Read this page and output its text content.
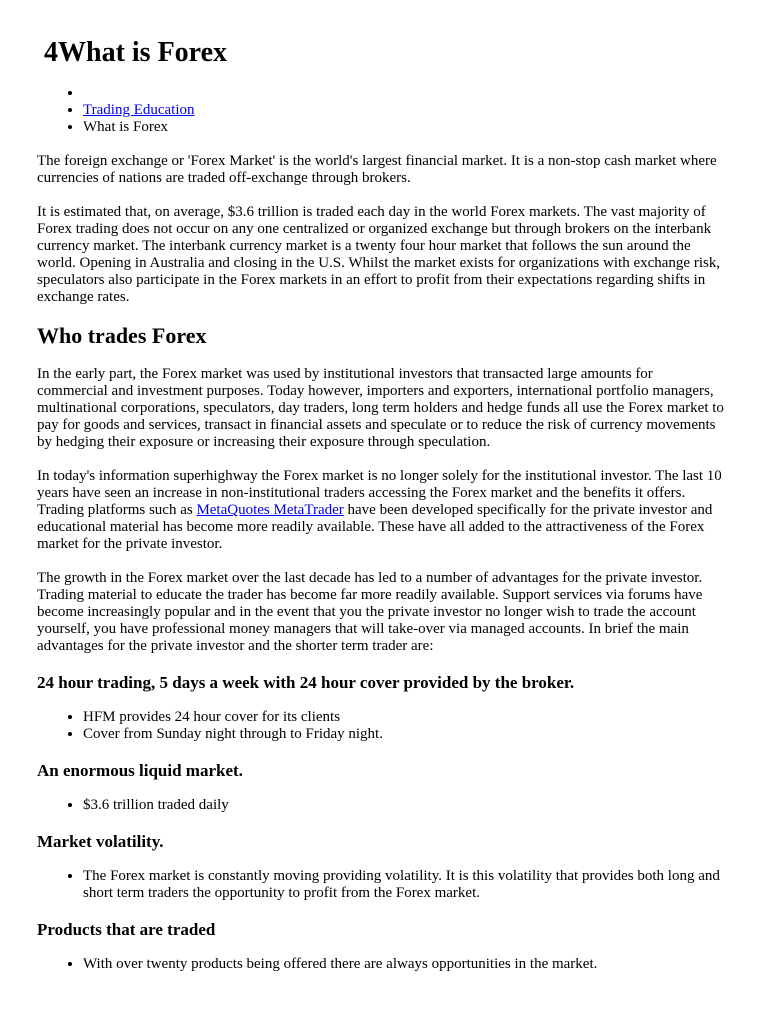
4What is Forex
•
• Trading Education
• What is Forex

The foreign exchange or 'Forex Market' is the world's largest financial market. It is a non-stop cash market where currencies of nations are traded off-exchange through brokers.

It is estimated that, on average, $3.6 trillion is traded each day in the world Forex markets. The vast majority of Forex trading does not occur on any one centralized or organized exchange but through brokers on the interbank currency market. The interbank currency market is a twenty four hour market that follows the sun around the world. Opening in Australia and closing in the U.S. Whilst the market exists for organizations with exchange risk, speculators also participate in the Forex markets in an effort to profit from their expectations regarding shifts in exchange rates.

Who trades Forex

In the early part, the Forex market was used by institutional investors that transacted large amounts for commercial and investment purposes. Today however, importers and exporters, international portfolio managers, multinational corporations, speculators, day traders, long term holders and hedge funds all use the Forex market to pay for goods and services, transact in financial assets and speculate or to reduce the risk of currency movements by hedging their exposure or increasing their exposure through speculation.

In today's information superhighway the Forex market is no longer solely for the institutional investor. The last 10 years have seen an increase in non-institutional traders accessing the Forex market and the benefits it offers. Trading platforms such as MetaQuotes MetaTrader have been developed specifically for the private investor and educational material has become more readily available. These have all added to the attractiveness of the Forex market for the private investor.

The growth in the Forex market over the last decade has led to a number of advantages for the private investor. Trading material to educate the trader has become far more readily available. Support services via forums have become increasingly popular and in the event that you the private investor no longer wish to trade the account yourself, you have professional money managers that will take-over via managed accounts. In brief the main advantages for the private investor and the shorter term trader are:

24 hour trading, 5 days a week with 24 hour cover provided by the broker.
• HFM provides 24 hour cover for its clients
• Cover from Sunday night through to Friday night.
An enormous liquid market.
• $3.6 trillion traded daily
Market volatility.
• The Forex market is constantly moving providing volatility. It is this volatility that provides both long and short term traders the opportunity to profit from the Forex market.
Products that are traded
• With over twenty products being offered there are always opportunities in the market.
